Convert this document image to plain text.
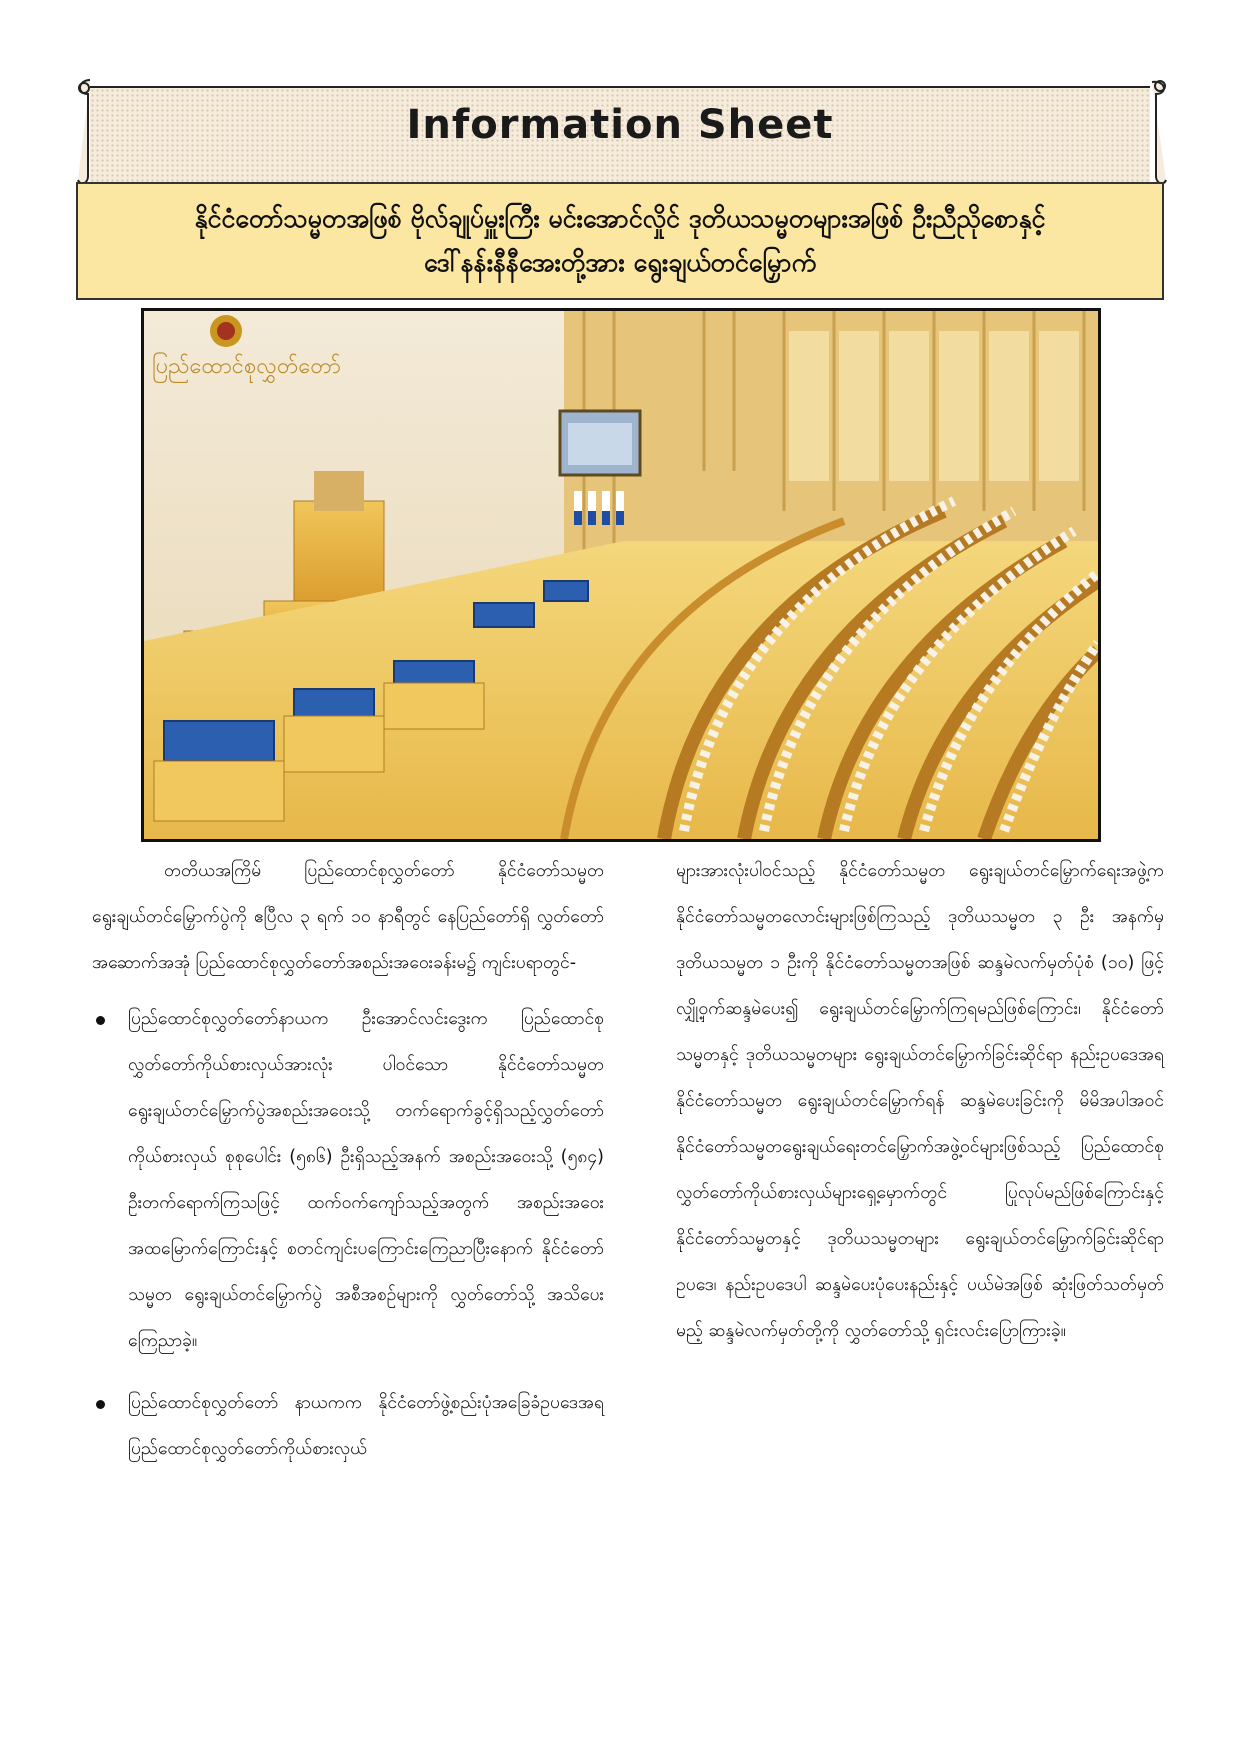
Information Sheet
နိုင်ငံတော်သမ္မတအဖြစ် ဗိုလ်ချုပ်မှူးကြီး မင်းအောင်လှိုင် ဒုတိယသမ္မတများအဖြစ် ဦးညီညိုစောနှင့်
ဒေါ်နန်းနီနီအေးတို့အား ရွေးချယ်တင်မြှောက်
ပြည်ထောင်စုလွှတ်တော်

တတိယအကြိမ် ပြည်ထောင်စုလွှတ်တော် နိုင်ငံတော်သမ္မတ ရွေးချယ်တင်မြှောက်ပွဲကို ဧပြီလ ၃ ရက် ၁၀ နာရီတွင် နေပြည်တော်ရှိ လွှတ်တော်အဆောက်အအုံ ပြည်ထောင်စုလွှတ်တော်အစည်းအဝေးခန်းမ၌ ကျင်းပရာတွင်-

ပြည်ထောင်စုလွှတ်တော်နာယက ဦးအောင်လင်းဒွေးက ပြည်ထောင်စုလွှတ်တော်ကိုယ်စားလှယ်အားလုံး ပါဝင်သော နိုင်ငံတော်သမ္မတရွေးချယ်တင်မြှောက်ပွဲအစည်းအဝေးသို့ တက်ရောက်ခွင့်ရှိသည့်လွှတ်တော်ကိုယ်စားလှယ် စုစုပေါင်း (၅၈၆) ဦးရှိသည့်အနက် အစည်းအဝေးသို့ (၅၈၄) ဦးတက်ရောက်ကြသဖြင့် ထက်ဝက်ကျော်သည့်အတွက် အစည်းအဝေးအထမြောက်ကြောင်းနှင့် စတင်ကျင်းပကြောင်းကြေညာပြီးနောက် နိုင်ငံတော်သမ္မတ ရွေးချယ်တင်မြှောက်ပွဲ အစီအစဉ်များကို လွှတ်တော်သို့ အသိပေးကြေညာခဲ့။
ပြည်ထောင်စုလွှတ်တော် နာယကက နိုင်ငံတော်ဖွဲ့စည်းပုံအခြေခံဥပဒေအရ ပြည်ထောင်စုလွှတ်တော်ကိုယ်စားလှယ်

များအားလုံးပါဝင်သည့် နိုင်ငံတော်သမ္မတ ရွေးချယ်တင်မြှောက်ရေးအဖွဲ့က နိုင်ငံတော်သမ္မတလောင်းများဖြစ်ကြသည့် ဒုတိယသမ္မတ ၃ ဦး အနက်မှ ဒုတိယသမ္မတ ၁ ဦးကို နိုင်ငံတော်သမ္မတအဖြစ် ဆန္ဒမဲလက်မှတ်ပုံစံ (၁၀) ဖြင့် လျှို့ဝှက်ဆန္ဒမဲပေး၍ ရွေးချယ်တင်မြှောက်ကြရမည်ဖြစ်ကြောင်း၊ နိုင်ငံတော်သမ္မတနှင့် ဒုတိယသမ္မတများ ရွေးချယ်တင်မြှောက်ခြင်းဆိုင်ရာ နည်းဥပဒေအရ နိုင်ငံတော်သမ္မတ ရွေးချယ်တင်မြှောက်ရန် ဆန္ဒမဲပေးခြင်းကို မိမိအပါအဝင် နိုင်ငံတော်သမ္မတရွေးချယ်ရေးတင်မြှောက်အဖွဲ့ဝင်များဖြစ်သည့် ပြည်ထောင်စုလွှတ်တော်ကိုယ်စားလှယ်များရှေ့မှောက်တွင် ပြုလုပ်မည်ဖြစ်ကြောင်းနှင့် နိုင်ငံတော်သမ္မတနှင့် ဒုတိယသမ္မတများ ရွေးချယ်တင်မြှောက်ခြင်းဆိုင်ရာ ဥပဒေ၊ နည်းဥပဒေပါ ဆန္ဒမဲပေးပုံပေးနည်းနှင့် ပယ်မဲအဖြစ် ဆုံးဖြတ်သတ်မှတ်မည့် ဆန္ဒမဲလက်မှတ်တို့ကို လွှတ်တော်သို့ ရှင်းလင်းပြောကြားခဲ့။
